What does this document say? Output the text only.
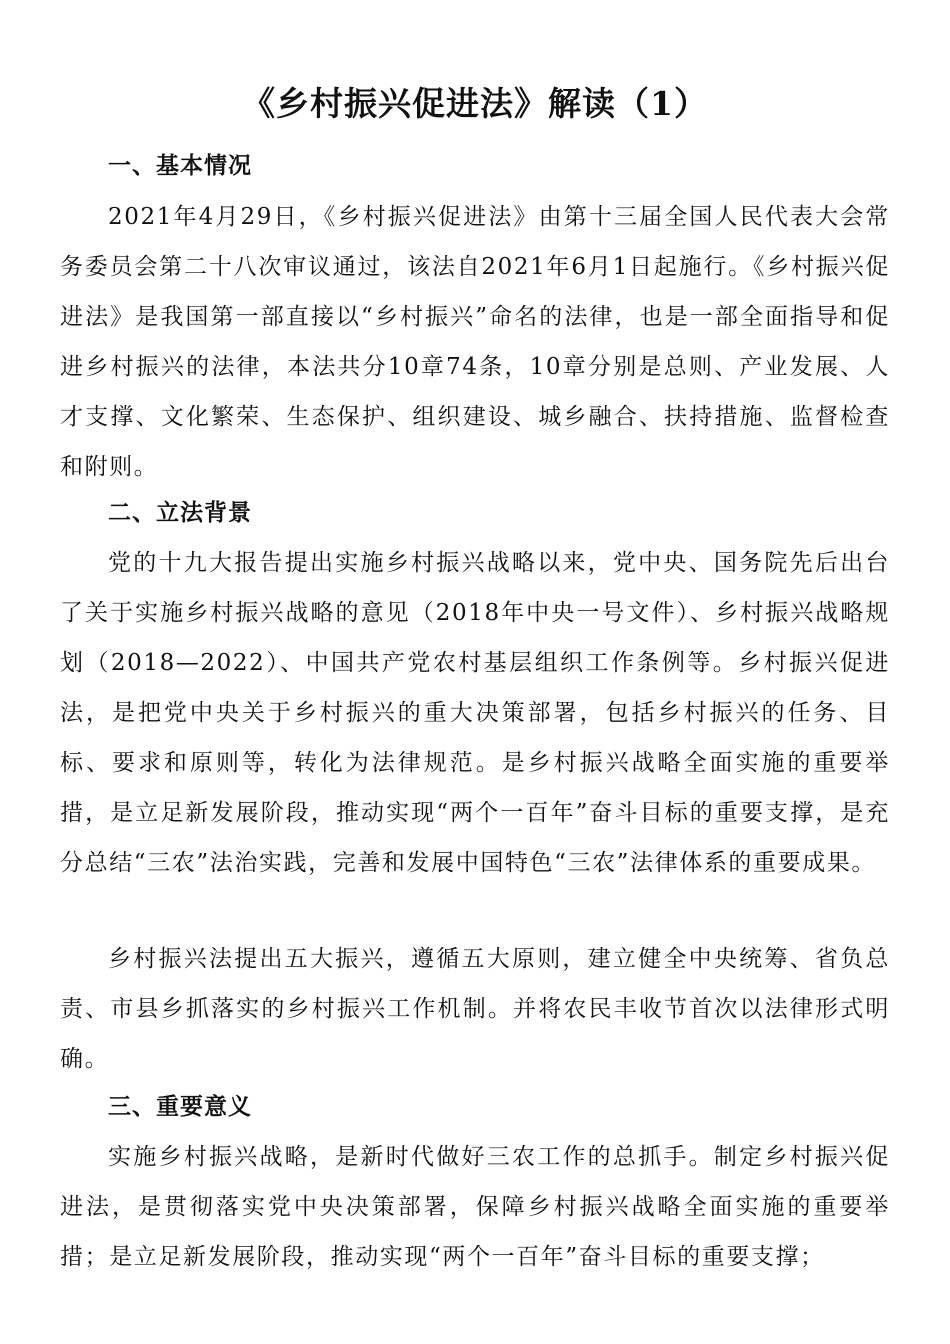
《乡村振兴促进法》解读（1）
一、基本情况

2021年4月29日，《乡村振兴促进法》由第十三届全国人民代表大会常务委员会第二十八次审议通过，该法自2021年6月1日起施行。《乡村振兴促进法》是我国第一部直接以“乡村振兴”命名的法律，也是一部全面指导和促进乡村振兴的法律，本法共分10章74条，10章分别是总则、产业发展、人才支撑、文化繁荣、生态保护、组织建设、城乡融合、扶持措施、监督检查和附则。

二、立法背景

党的十九大报告提出实施乡村振兴战略以来，党中央、国务院先后出台了关于实施乡村振兴战略的意见（2018年中央一号文件）、乡村振兴战略规划（2018—2022）、中国共产党农村基层组织工作条例等。乡村振兴促进法，是把党中央关于乡村振兴的重大决策部署，包括乡村振兴的任务、目标、要求和原则等，转化为法律规范。是乡村振兴战略全面实施的重要举措，是立足新发展阶段，推动实现“两个一百年”奋斗目标的重要支撑，是充分总结“三农”法治实践，完善和发展中国特色“三农”法律体系的重要成果。

乡村振兴法提出五大振兴，遵循五大原则，建立健全中央统筹、省负总责、市县乡抓落实的乡村振兴工作机制。并将农民丰收节首次以法律形式明确。

三、重要意义

实施乡村振兴战略，是新时代做好三农工作的总抓手。制定乡村振兴促进法，是贯彻落实党中央决策部署，保障乡村振兴战略全面实施的重要举措；是立足新发展阶段，推动实现“两个一百年”奋斗目标的重要支撑；
